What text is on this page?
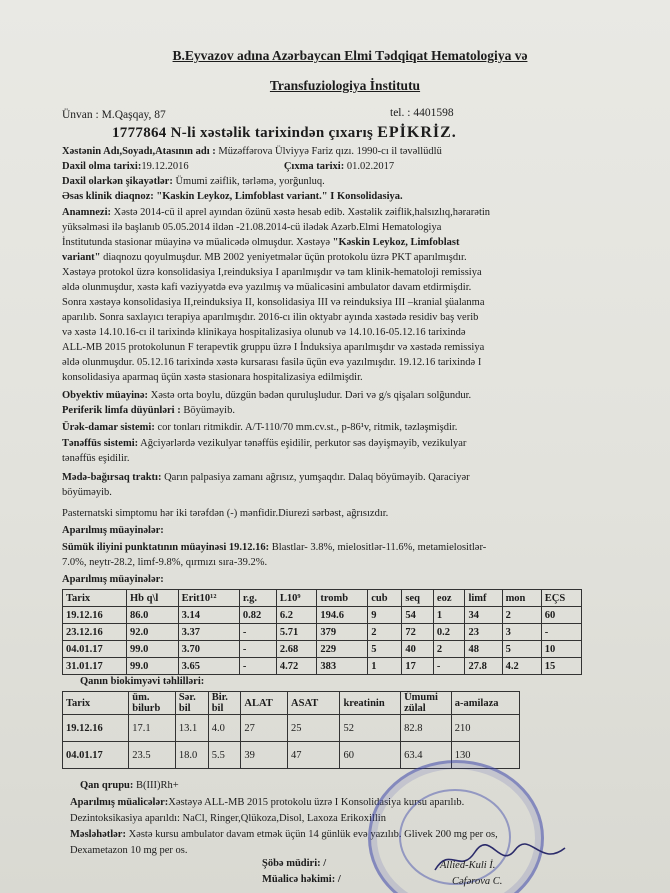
B.Eyvazov adına Azərbaycan Elmi Tədqiqat Hematologiya və
Transfuziologiya İnstitutu
Ünvan : M.Qaşqay, 87	tel. : 4401598
1777864 N-li xəstəlik tarixindən çıxarış EPİKRİZ.
Xəstənin Adı,Soyadı,Atasının adı : Müzəffərova Ülviyyə Fariz qızı. 1990-cı il təvəllüdlü
Daxil olma tarixi:19.12.2016	Çıxma tarixi: 01.02.2017
Daxil olarkən şikayətlər: Ümumi zəiflik, tərləmə, yorğunluq.
Əsas klinik diaqnoz: "Kaskin Leykoz, Limfoblast variant." I Konsolidasiya.
Anamnezi: Xəstə 2014-cü il aprel ayından özünü xəstə hesab edib. Xəstəlik zəiflik,halsızlıq,hərarətin
yüksəlməsi ilə başlanıb 05.05.2014 ildən -21.08.2014-cü ilədək Azərb.Elmi Hematologiya
İnstitutunda stasionar müayinə və müalicədə olmuşdur. Xəstəyə "Kəskin Leykoz, Limfoblast
variant" diaqnozu qoyulmuşdur. MB 2002 yeniyetmələr üçün protokolu üzrə PKT aparılmışdır.
Xəstəyə protokol üzrə konsolidasiya I,reinduksiya I aparılmışdır və tam klinik-hematoloji remissiya
əldə olunmuşdur, xəstə kafi vəziyyətdə evə yazılmış və müalicəsini ambulator davam etdirmişdir.
Sonra xəstəyə konsolidasiya II,reinduksiya II, konsolidasiya III və reinduksiya III –kranial şüalanma
aparılıb. Sonra saxlayıcı terapiya aparılmışdır. 2016-cı ilin oktyabr ayında xəstədə residiv baş verib
və xəstə 14.10.16-cı il tarixində klinikaya hospitalizasiya olunub və 14.10.16-05.12.16 tarixində
ALL-MB 2015 protokolunun F terapevtik gruppu üzrə I İnduksiya aparılmışdır və xəstədə remissiya
əldə olunmuşdur. 05.12.16 tarixində xəstə kursarası fasilə üçün evə yazılmışdır. 19.12.16 tarixində I
konsolidasiya aparmaq üçün xəstə stasionara hospitalizasiya edilmişdir.
Obyektiv müayinə: Xəstə orta boylu, düzgün bədən quruluşludur. Dəri və g/s qişaları solğundur.
Periferik limfa düyünləri : Böyüməyib.
Ürək-damar sistemi: cor tonları ritmikdir. A/T-110/70 mm.cv.st., p-86¹v, ritmik, təzləşmişdir.
Tənəffüs sistemi: Ağciyərlərdə vezikulyar tənəffüs eşidilir, perkutor səs dəyişməyib, vezikulyar
tənəffüs eşidilir.
Mədə-bağırsaq traktı: Qarın palpasiya zamanı ağrısız, yumşaqdır. Dalaq böyüməyib. Qaraciyər
böyüməyib.
Pasternatski simptomu hər iki tərəfdən (-) mənfidir.Diurezi sərbəst, ağrısızdır.
Aparılmış müayinələr:
Sümük iliyini punktatının müayinəsi 19.12.16: Blastlar- 3.8%, mielositlər-11.6%, metamielositlər-
7.0%, neytr-28.2, limf-9.8%, qırmızı sıra-39.2%.
Aparılmış müayinələr:
Tarix	Hb q\l	Erit10¹²	r.g.	L10⁹	tromb	cub	seq	eoz	limf	mon	EÇS
19.12.16	86.0	3.14	0.82	6.2	194.6	9	54	1	34	2	60
23.12.16	92.0	3.37	-	5.71	379	2	72	0.2	23	3	-
04.01.17	99.0	3.70	-	2.68	229	5	40	2	48	5	10
31.01.17	99.0	3.65	-	4.72	383	1	17	-	27.8	4.2	15
Qanın biokimyəvi təhlilləri:
Tarix	üm. bilurb	Sər. bil	Bir. bil	ALAT	ASAT	kreatinin	Ümumi zülal	a-amilaza
19.12.16	17.1	13.1	4.0	27	25	52	82.8	210
04.01.17	23.5	18.0	5.5	39	47	60	63.4	130
Qan qrupu: B(III)Rh+
Aparılmış müalicələr:Xəstəyə ALL-MB 2015 protokolu üzrə I Konsolidasiya kursu aparılıb.
Dezintoksikasiya aparıldı: NaCl, Ringer,Qlükoza,Disol, Laxoza Erikoxillin
Məsləhətlər: Xəstə kursu ambulator davam etmək üçün 14 günlük evə yazılıb. Glivek 200 mg per os,
Dexametazon 10 mg per os.
Şöbə müdiri: /
Müalicə həkimi: /
Allied-Kuli İ.
Cəfərova C.
